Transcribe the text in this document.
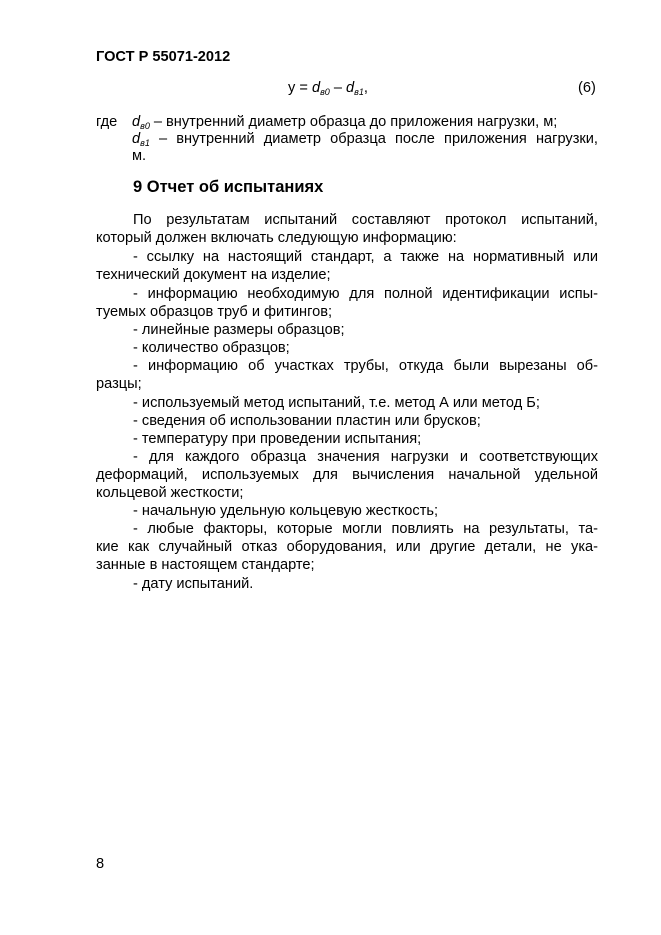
ГОСТ Р 55071-2012
$y = d_{в0} - d_{в1}$,	(6)
где $d_{в0}$ – внутренний диаметр образца до приложения нагрузки, м;
$d_{в1}$ – внутренний диаметр образца после приложения нагрузки,
м.
9 Отчет об испытаниях
По результатам испытаний составляют протокол испытаний,
который должен включать следующую информацию:
- ссылку на настоящий стандарт, а также на нормативный или
технический документ на изделие;
- информацию необходимую для полной идентификации испы-
туемых образцов труб и фитингов;
- линейные размеры образцов;
- количество образцов;
- информацию об участках трубы, откуда были вырезаны об-
разцы;
- используемый метод испытаний, т.е. метод А или метод Б;
- сведения об использовании пластин или брусков;
- температуру при проведении испытания;
- для каждого образца значения нагрузки и соответствующих
деформаций, используемых для вычисления начальной удельной
кольцевой жесткости;
- начальную удельную кольцевую жесткость;
- любые факторы, которые могли повлиять на результаты, та-
кие как случайный отказ оборудования, или другие детали, не ука-
занные в настоящем стандарте;
- дату испытаний.
8
